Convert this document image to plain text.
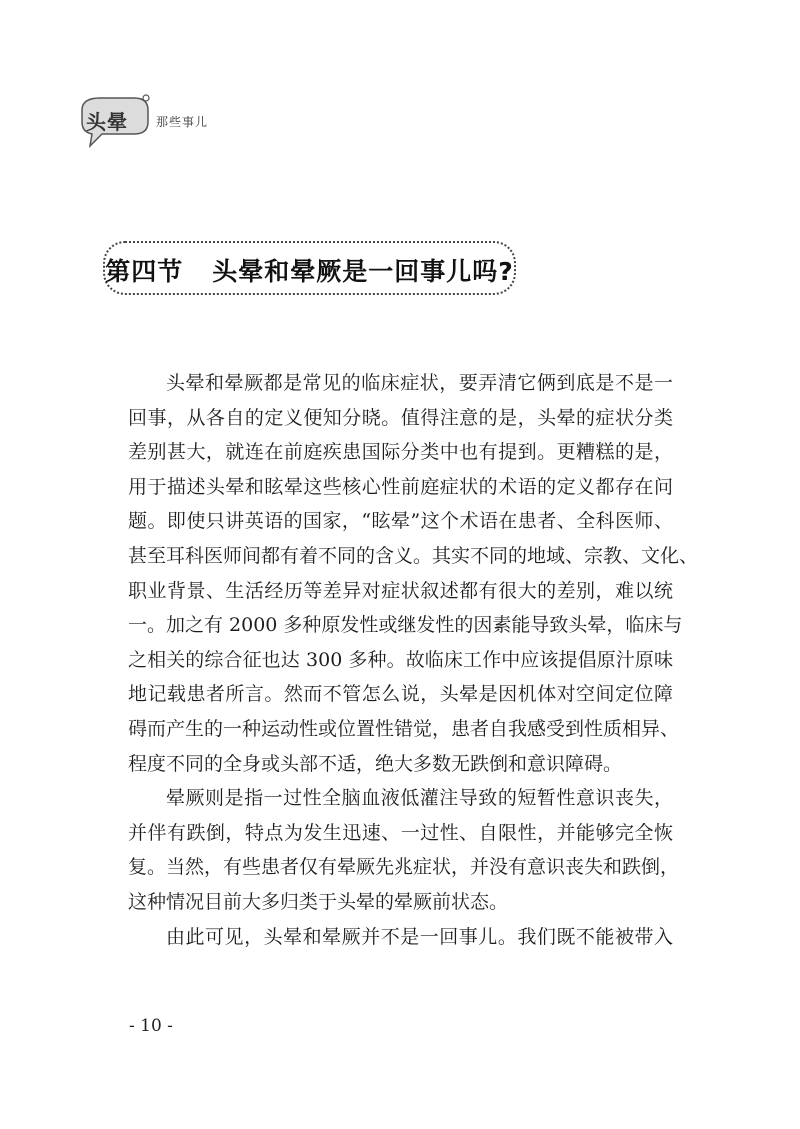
头晕 那些事儿
第四节   头晕和晕厥是一回事儿吗?
头晕和晕厥都是常见的临床症状，要弄清它俩到底是不是一
回事，从各自的定义便知分晓。值得注意的是，头晕的症状分类
差别甚大，就连在前庭疾患国际分类中也有提到。更糟糕的是，
用于描述头晕和眩晕这些核心性前庭症状的术语的定义都存在问
题。即使只讲英语的国家，“眩晕”这个术语在患者、全科医师、
甚至耳科医师间都有着不同的含义。其实不同的地域、宗教、文化、
职业背景、生活经历等差异对症状叙述都有很大的差别，难以统
一。加之有 2000 多种原发性或继发性的因素能导致头晕，临床与
之相关的综合征也达 300 多种。故临床工作中应该提倡原汁原味
地记载患者所言。然而不管怎么说，头晕是因机体对空间定位障
碍而产生的一种运动性或位置性错觉，患者自我感受到性质相异、
程度不同的全身或头部不适，绝大多数无跌倒和意识障碍。
晕厥则是指一过性全脑血液低灌注导致的短暂性意识丧失，
并伴有跌倒，特点为发生迅速、一过性、自限性，并能够完全恢
复。当然，有些患者仅有晕厥先兆症状，并没有意识丧失和跌倒，
这种情况目前大多归类于头晕的晕厥前状态。
由此可见，头晕和晕厥并不是一回事儿。我们既不能被带入
- 10 -
